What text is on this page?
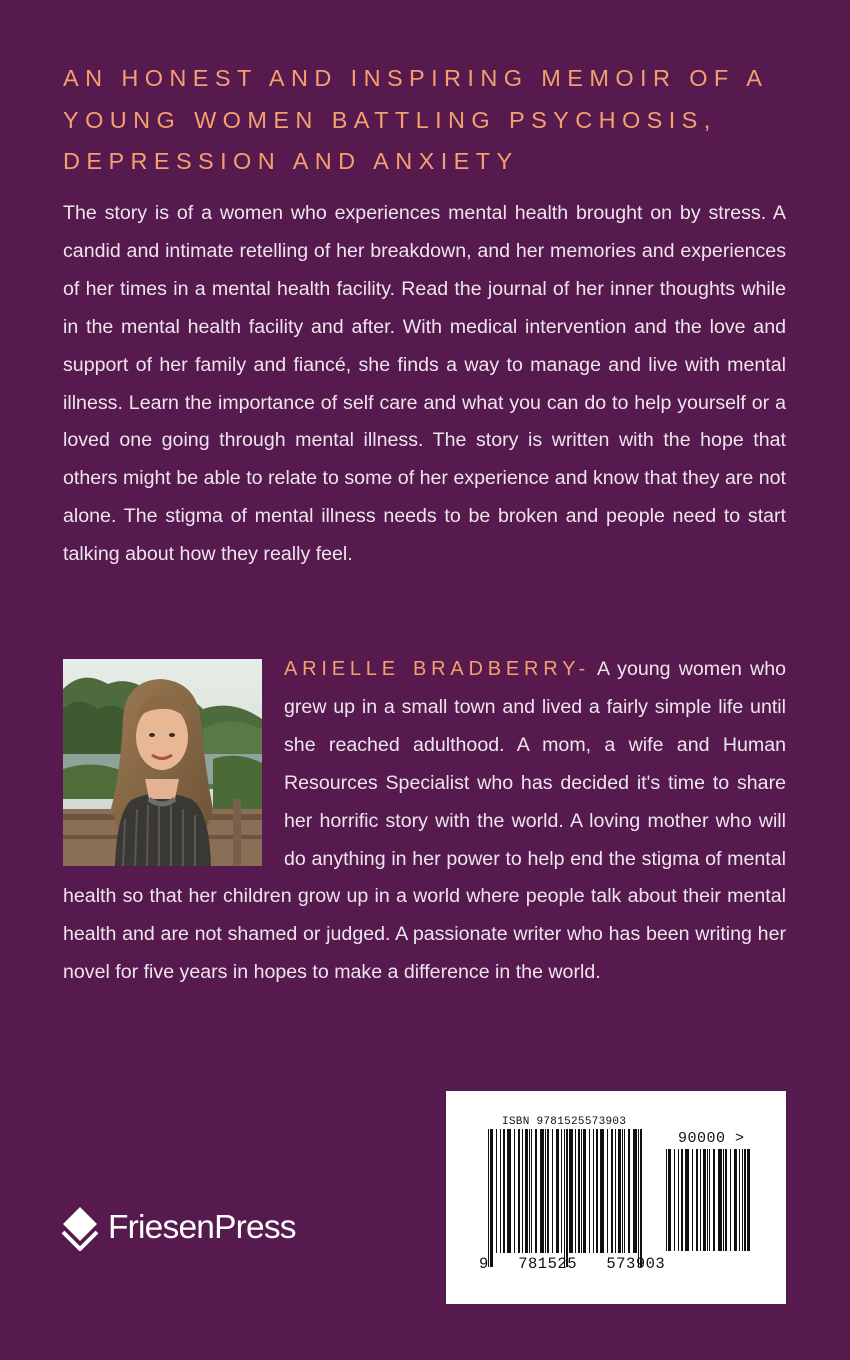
AN HONEST AND INSPIRING MEMOIR OF A YOUNG WOMEN BATTLING PSYCHOSIS, DEPRESSION AND ANXIETY

The story is of a women who experiences mental health brought on by stress. A candid and intimate retelling of her breakdown, and her memories and experiences of her times in a mental health facility. Read the journal of her inner thoughts while in the mental health facility and after. With medical intervention and the love and support of her family and fiancé, she finds a way to manage and live with mental illness. Learn the importance of self care and what you can do to help yourself or a loved one going through mental illness. The story is written with the hope that others might be able to relate to some of her experience and know that they are not alone. The stigma of mental illness needs to be broken and people need to start talking about how they really feel.

ARIELLE BRADBERRY- A young women who grew up in a small town and lived a fairly simple life until she reached adulthood. A mom, a wife and Human Resources Specialist who has decided it's time to share her horrific story with the world. A loving mother who will do anything in her power to help end the stigma of mental health so that her children grow up in a world where people talk about their mental health and are not shamed or judged. A passionate writer who has been writing her novel for five years in hopes to make a difference in the world.

FriesenPress
ISBN 9781525573903
90000 >
9   781525   573903
